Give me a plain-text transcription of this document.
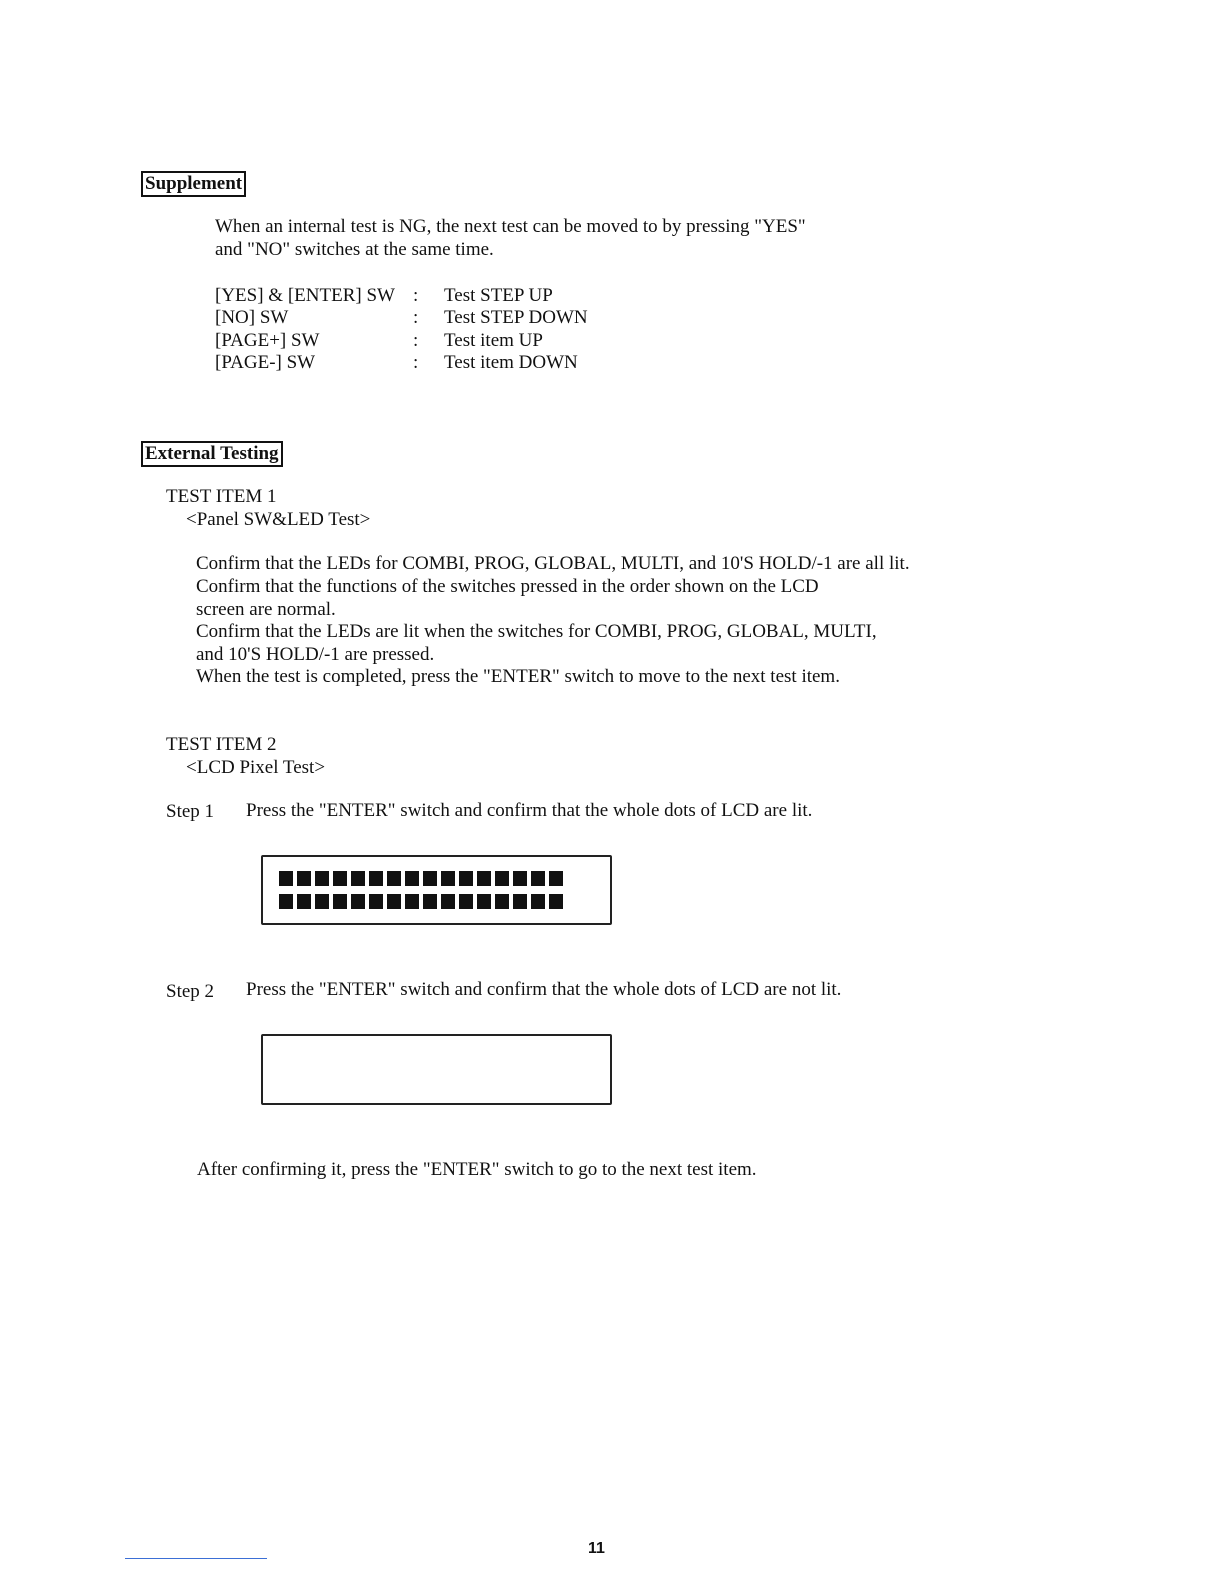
Supplement
When an internal test is NG, the next test can be moved to by pressing "YES"
and "NO" switches at the same time.
[YES] & [ENTER] SW : Test STEP UP
[NO] SW	: Test STEP DOWN
[PAGE+] SW	: Test item UP
[PAGE-] SW	: Test item DOWN
External Testing
TEST ITEM 1
<Panel SW&LED Test>
Confirm that the LEDs for COMBI, PROG, GLOBAL, MULTI, and 10'S HOLD/-1 are all lit.
Confirm that the functions of the switches pressed in the order shown on the LCD
screen are normal.
Confirm that the LEDs are lit when the switches for COMBI, PROG, GLOBAL, MULTI,
and 10'S HOLD/-1 are pressed.
When the test is completed, press the "ENTER" switch to move to the next test item.
TEST ITEM 2
<LCD Pixel Test>
Step 1 Press the "ENTER" switch and confirm that the whole dots of LCD are lit.
Step 2 Press the "ENTER" switch and confirm that the whole dots of LCD are not lit.
After confirming it, press the "ENTER" switch to go to the next test item.
11
